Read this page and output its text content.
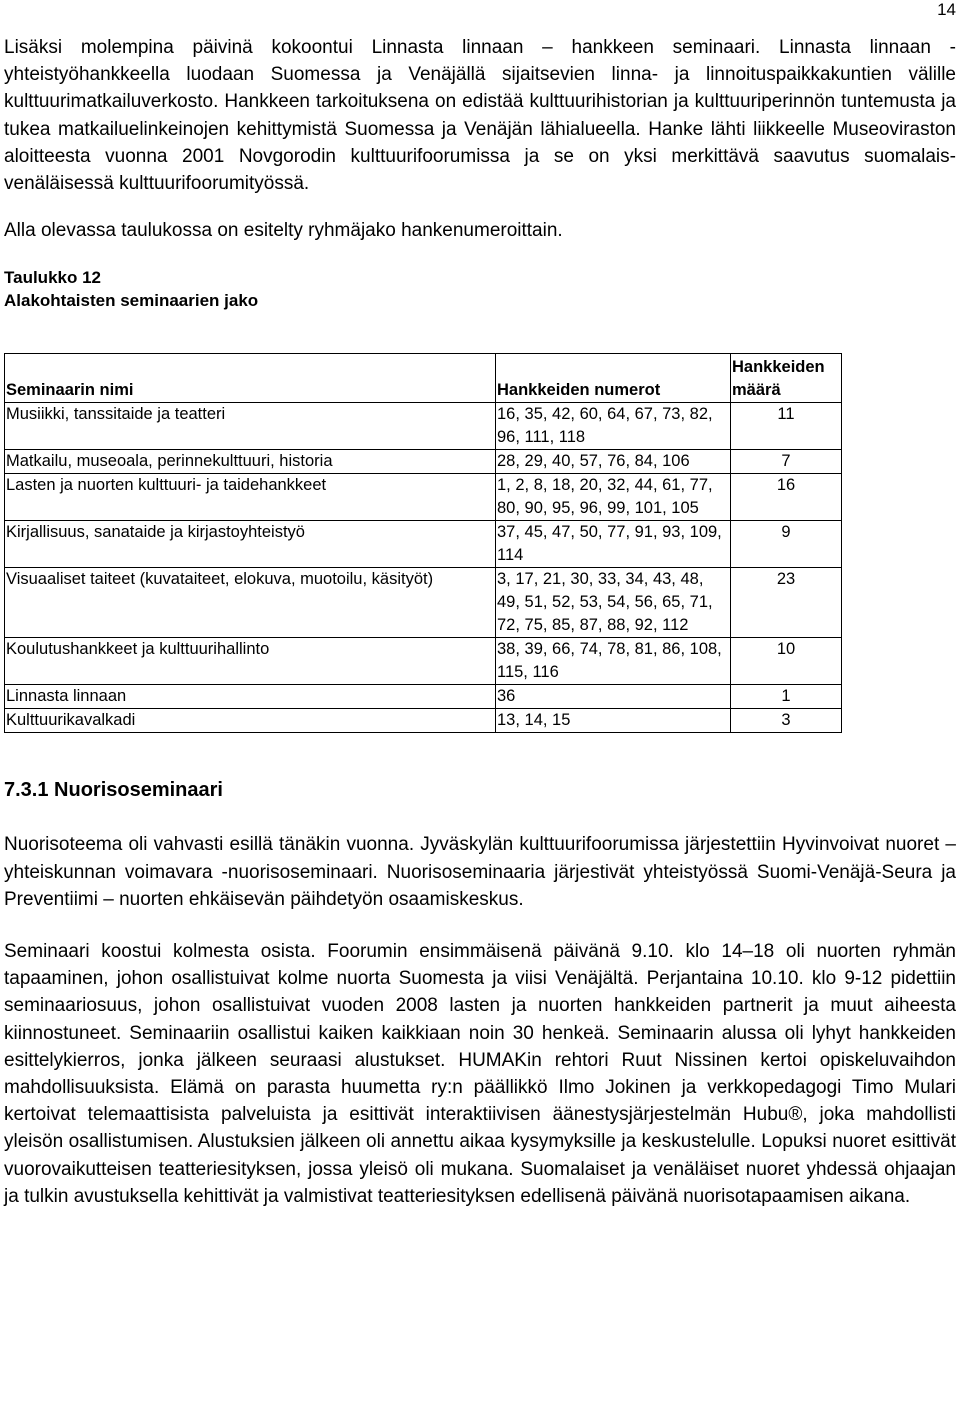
14

Lisäksi molempina päivinä kokoontui Linnasta linnaan – hankkeen seminaari. Linnasta linnaan -yhteistyöhankkeella luodaan Suomessa ja Venäjällä sijaitsevien linna- ja linnoituspaikkakuntien välille kulttuurimatkailuverkosto. Hankkeen tarkoituksena on edistää kulttuurihistorian ja kulttuuriperinnön tuntemusta ja tukea matkailuelinkeinojen kehittymistä Suomessa ja Venäjän lähialueella. Hanke lähti liikkeelle Museoviraston aloitteesta vuonna 2001 Novgorodin kulttuurifoorumissa ja se on yksi merkittävä saavutus suomalais-venäläisessä kulttuurifoorumityössä.

Alla olevassa taulukossa on esitelty ryhmäjako hankenumeroittain.

Taulukko 12
Alakohtaisten seminaarien jako
Seminaarin nimi	Hankkeiden numerot	Hankkeiden määrä
Musiikki, tanssitaide ja teatteri	16, 35, 42, 60, 64, 67, 73, 82, 96, 111, 118	11
Matkailu, museoala, perinnekulttuuri, historia	28, 29, 40, 57, 76, 84, 106	7
Lasten ja nuorten kulttuuri- ja taidehankkeet	1, 2, 8, 18, 20, 32, 44, 61, 77, 80, 90, 95, 96, 99, 101, 105	16
Kirjallisuus, sanataide ja kirjastoyhteistyö	37, 45, 47, 50, 77, 91, 93, 109, 114	9
Visuaaliset taiteet (kuvataiteet, elokuva, muotoilu, käsityöt)	3, 17, 21, 30, 33, 34, 43, 48, 49, 51, 52, 53, 54, 56, 65, 71, 72, 75, 85, 87, 88, 92, 112	23
Koulutushankkeet ja kulttuurihallinto	38, 39, 66, 74, 78, 81, 86, 108, 115, 116	10
Linnasta linnaan	36	1
Kulttuurikavalkadi	13, 14, 15	3
7.3.1 Nuorisoseminaari

Nuorisoteema oli vahvasti esillä tänäkin vuonna. Jyväskylän kulttuurifoorumissa järjestettiin Hyvinvoivat nuoret – yhteiskunnan voimavara -nuorisoseminaari. Nuorisoseminaaria järjestivät yhteistyössä Suomi-Venäjä-Seura ja Preventiimi – nuorten ehkäisevän päihdetyön osaamiskeskus.

Seminaari koostui kolmesta osista. Foorumin ensimmäisenä päivänä 9.10. klo 14–18 oli nuorten ryhmän tapaaminen, johon osallistuivat kolme nuorta Suomesta ja viisi Venäjältä. Perjantaina 10.10. klo 9-12 pidettiin seminaariosuus, johon osallistuivat vuoden 2008 lasten ja nuorten hankkeiden partnerit ja muut aiheesta kiinnostuneet. Seminaariin osallistui kaiken kaikkiaan noin 30 henkeä. Seminaarin alussa oli lyhyt hankkeiden esittelykierros, jonka jälkeen seuraasi alustukset. HUMAKin rehtori Ruut Nissinen kertoi opiskeluvaihdon mahdollisuuksista. Elämä on parasta huumetta ry:n päällikkö Ilmo Jokinen ja verkkopedagogi Timo Mulari kertoivat telemaattisista palveluista ja esittivät interaktiivisen äänestysjärjestelmän Hubu®, joka mahdollisti yleisön osallistumisen. Alustuksien jälkeen oli annettu aikaa kysymyksille ja keskustelulle. Lopuksi nuoret esittivät vuorovaikutteisen teatteriesityksen, jossa yleisö oli mukana. Suomalaiset ja venäläiset nuoret yhdessä ohjaajan ja tulkin avustuksella kehittivät ja valmistivat teatteriesityksen edellisenä päivänä nuorisotapaamisen aikana.
